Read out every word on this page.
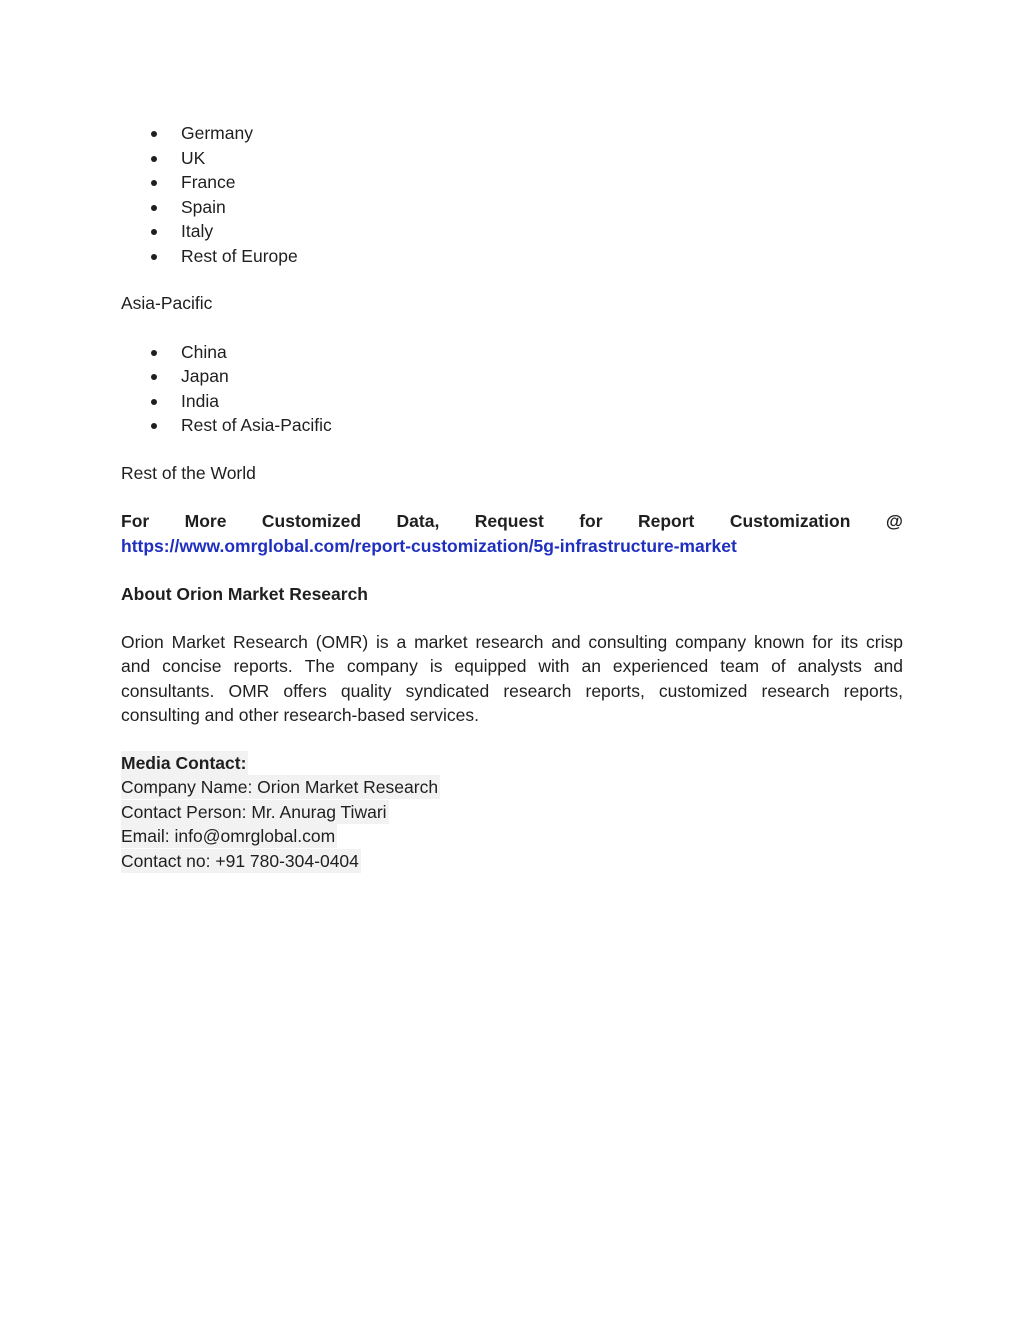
Germany
UK
France
Spain
Italy
Rest of Europe
Asia-Pacific
China
Japan
India
Rest of Asia-Pacific
Rest of the World
For More Customized Data, Request for Report Customization @
https://www.omrglobal.com/report-customization/5g-infrastructure-market
About Orion Market Research
Orion Market Research (OMR) is a market research and consulting company known for its crisp
and concise reports. The company is equipped with an experienced team of analysts and
consultants. OMR offers quality syndicated research reports, customized research reports,
consulting and other research-based services.
Media Contact:
Company Name: Orion Market Research
Contact Person: Mr. Anurag Tiwari
Email: info@omrglobal.com
Contact no: +91 780-304-0404
